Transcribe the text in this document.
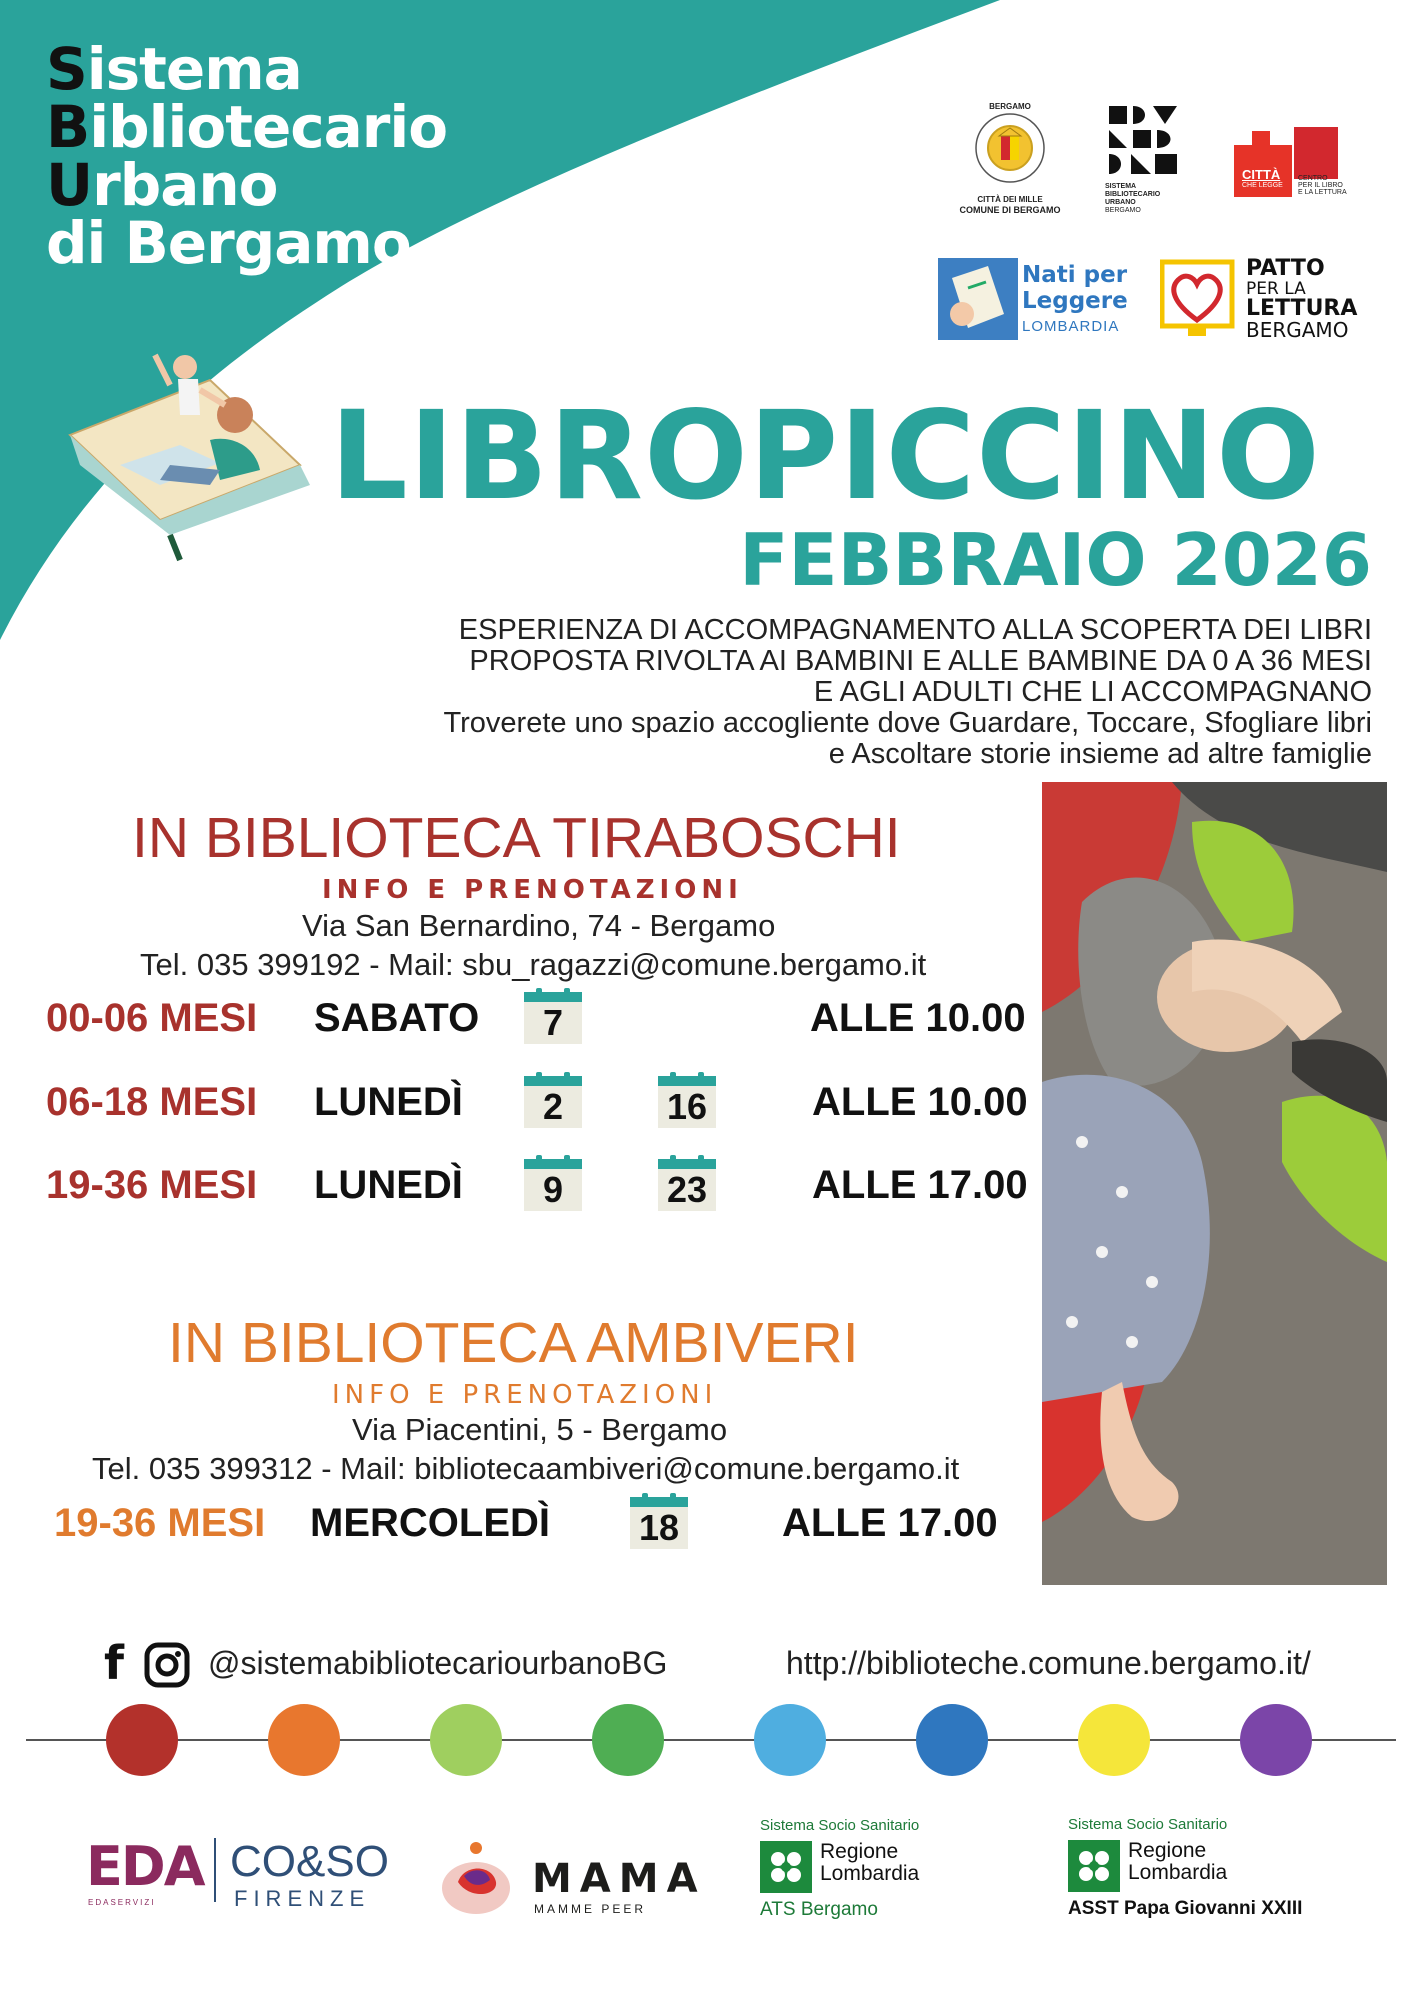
Sistema
Bibliotecario
Urbano
di Bergamo
BERGAMO
CITTÀ DEI MILLE
COMUNE DI BERGAMO
SISTEMA
BIBLIOTECARIO
URBANO
BERGAMO
CITTÀ
CHE LEGGE
CENTRO
PER IL LIBRO
E LA LETTURA
Nati per
Leggere
LOMBARDIA
PATTO
PER LA
LETTURA
BERGAMO
LIBROPICCINO
FEBBRAIO 2026
ESPERIENZA DI ACCOMPAGNAMENTO ALLA SCOPERTA DEI LIBRI
PROPOSTA RIVOLTA AI BAMBINI E ALLE BAMBINE DA 0 A 36 MESI
E AGLI ADULTI CHE LI ACCOMPAGNANO
Troverete uno spazio accogliente dove Guardare, Toccare, Sfogliare libri
e Ascoltare storie insieme ad altre famiglie
IN BIBLIOTECA TIRABOSCHI
INFO E PRENOTAZIONI
Via San Bernardino, 74 - Bergamo
Tel. 035 399192 - Mail: sbu_ragazzi@comune.bergamo.it
00-06 MESI SABATO	7	ALLE 10.00
06-18 MESI LUNEDÌ	2	16	ALLE 10.00
19-36 MESI LUNEDÌ	9	23	ALLE 17.00
IN BIBLIOTECA AMBIVERI
INFO E PRENOTAZIONI
Via Piacentini, 5 - Bergamo
Tel. 035 399312 - Mail: bibliotecaambiveri@comune.bergamo.it
19-36 MESI MERCOLEDÌ 18	ALLE 17.00
f	@sistemabibliotecariourbanoBG	http://biblioteche.comune.bergamo.it/
EDA
EDASERVIZI
CO&SO
FIRENZE	MAMA
MAMME PEER
Sistema Socio Sanitario
Regione
Lombardia
ATS Bergamo
Sistema Socio Sanitario
Regione
Lombardia
ASST Papa Giovanni XXIII
